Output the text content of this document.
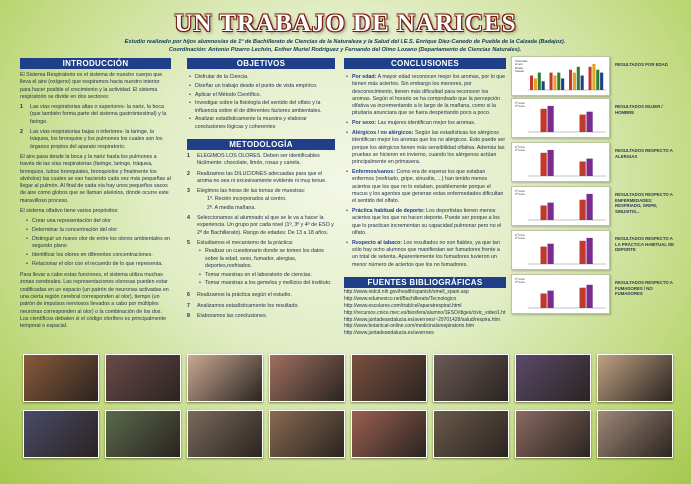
UN TRABAJO DE NARICES
Estudio realizado por hijos alumnos/as de 1º de Bachillerato de Ciencias de la Naturaleza y la Salud del I.E.S. Enrique Díez-Canedo de Puebla de la Calzada (Badajoz).
Coordinación: Antonio Pizarro Lechón, Esther Muriel Rodríguez y Fernando del Olmo Lozano (Departamento de Ciencias Naturales).
INTRODUCCIÓN

El Sistema Respiratorio es el sistema de nuestro cuerpo que lleva el aire (oxígeno) que respiramos hacia nuestro interior para hacer posible el crecimiento y la actividad. El sistema respiratorio se divide en dos sectores:

1	Las vías respiratorias altas o superiores- la nariz, la boca (que también forma parte del sistema gastrointestinal) y la faringe.
2	Las vías respiratorias bajas o inferiores- la laringe, la tráquea, los bronquios y los pulmones los cuales son los órganos propios del aparato respiratorio.

El aire pasa desde la boca y la nariz hasta los pulmones a través de las vías respiratorias (faringe, laringe, tráquea, bronquios, tubos bronquiales, bronquiolos y finalmente los alvéolos) las cuales se van haciendo cada vez más pequeñas al llegar al pulmón. Al final de cada vía hay unos pequeños sacos de aire como globos que se llaman alvéolos, donde ocurre este maravilloso proceso.

El sistema olfativo tiene varios propósitos:

• Crear una representación del olor
• Determinar la concentración del olor
• Distinguir un nuevo olor de entre los olores ambientales en segundo plano
• Identificar los olores en diferentes concentraciones.
• Relacionar el olor con el recuerdo de lo que representa.

Para llevar a cabo estas funciones, el sistema utiliza muchas zonas cerebrales. Las representaciones olorosas pueden estar codificadas en un espacio (un patrón de neuronas activadas en una cierta región cerebral corresponden al olor), tiempo (un patrón de impulsos nerviosos llevados a cabo por múltiples neuronas corresponden al olor) o la combinación de los dos. Los científicos debaten si el código olorífero es principalmente temporal o espacial.

OBJETIVOS
• Disfrutar de la Ciencia.
• Diseñar un trabajo desde el punto de vista empírico.
• Aplicar el Método Científico.
• Investigar sobre la fisiología del sentido del olfato y la influencia sobre él de diferentes factores ambientales.
• Analizar estadísticamente la muestra y elaborar conclusiones lógicas y coherentes
METODOLOGÍA
1	ELEGIMOS LOS OLORES. Deben ser identificables fácilmente: chocolate, limón, rosas y canela.
2	Realizamos las DILUCIONES adecuadas para que el aroma no sea ni excesivamente evidente ni muy tenue.
3	Elegimos las horas de las tomas de muestras:
1º. Recién incorporados al centro.
2º. A media mañana.
4	Seleccionamos al alumnado al que se le va a hacer la experiencia. Un grupo por cada nivel (1º, 3º y 4º de ESO y 2º de Bachillerato). Rango de edades: De 13 a 18 años.
5	Estudiamos el mecanismo de la práctica:
• Realizar un cuestionario donde se tomen los datos sobre la edad, sexo, fumador, alergias, deportes,resfriados.
• Tomar muestras en el laboratorio de ciencias.
• Tomar muestras a los gemelos y mellizos del instituto.
6	Realizamos la práctica según el estudio.
7	Analizamos estadísticamente los resultado.
8	Elaboramos las conclusiones.
CONCLUSIONES
• Por edad: A mayor edad reconocen mejor los aromas, por lo que tienen más aciertos. Sin embargo los menores, por desconocimiento, tienen más dificultad para reconocer los aromas. Según el horario se ha comprobado que la percepción olfativa va incrementando a lo largo de la mañana, como si la pituitaria anunciara que se fuera despertando poco a poco.
• Por sexo: Las mujeres identifican mejor los aromas.
• Alérgicos / no alérgicos: Según las estadísticas los alérgicos identifican mejor los aromas que los no alérgicos. Esto puede ser porque los alérgicos tienen más sensibilidad olfativa. Además las pruebas se hicieron en invierno, cuando los alérgenos actúan principalmente en primavera.
• Enfermos/sanos: Como era de esperar los que estaban enfermos (resfriado, gripe, sinusitis, ...) han tenido menos aciertos que los que no lo estaban, posiblemente porque el mucus y los agentes que generan estas enfermedades dificultan el sentido del olfato.
• Práctica habitual de deporte: Los deportistas tienen menos aciertos que los que no hacen deporte. Puede ser porque a los que lo practican incrementan su capacidad pulmonar pero no el olfato.
• Respecto al tabaco: Los resultados no son fiables, ya que tan sólo hay ocho alumnos que manifiestan ser fumadores frente a un total de setenta. Aparentemente los fumadores tuvieron un menor número de aciertos que los no fumadores.
FUENTES BIBLIOGRÁFICAS
http://www.nidcd.nih.gov/health/spanish/smell_spani.asp
http://www.edumexico.net/Bachillerato/Tecnologico
http://www.escolares.com/trab/cel/aparatrespirat.html
http://recursos.cnice.mec.es/biosfera/alumno/1ESO/diges/civic_video1.ht
http://www.juntadeandalucia.es/averroes/~29701428/salud/respira.htm
http://www.botanical-online.com/medicinalsrespiratorio.htm
http://www.juntadeandalucia.es/averroes
Chocolate
Limón
Rosas
Canela
RESULTADOS POR EDAD
1ª toma
2ª toma	RESULTADOS MUJER / HOMBRE
1ª toma
2ª toma	RESULTADOS RESPECTO A ALERGIAS
1ª toma
2ª toma	RESULTADOS RESPECTO A ENFERMEDADES: RESFRIADO, GRIPE, SINUSITIS...
1ª toma
2ª toma	RESULTADOS RESPECTO A LA PRÁCTICA HABITUAL DE DEPORTE
1ª toma
2ª toma	RESULTADOS RESPECTO A FUMADORES / NO FUMADORES
